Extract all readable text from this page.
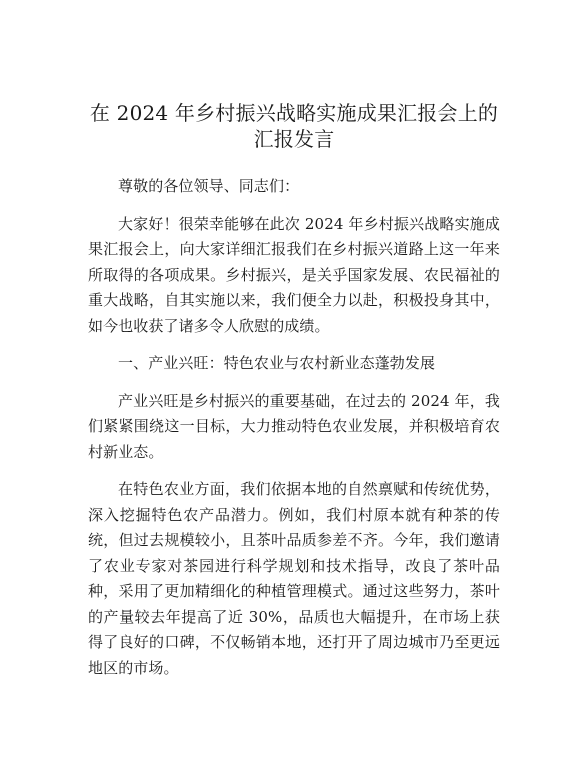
在 2024 年乡村振兴战略实施成果汇报会上的汇报发言

尊敬的各位领导、同志们：

大家好！很荣幸能够在此次 2024 年乡村振兴战略实施成果汇报会上，向大家详细汇报我们在乡村振兴道路上这一年来所取得的各项成果。乡村振兴，是关乎国家发展、农民福祉的重大战略，自其实施以来，我们便全力以赴，积极投身其中，如今也收获了诸多令人欣慰的成绩。

一、产业兴旺：特色农业与农村新业态蓬勃发展

产业兴旺是乡村振兴的重要基础，在过去的 2024 年，我们紧紧围绕这一目标，大力推动特色农业发展，并积极培育农村新业态。

在特色农业方面，我们依据本地的自然禀赋和传统优势，深入挖掘特色农产品潜力。例如，我们村原本就有种茶的传统，但过去规模较小，且茶叶品质参差不齐。今年，我们邀请了农业专家对茶园进行科学规划和技术指导，改良了茶叶品种，采用了更加精细化的种植管理模式。通过这些努力，茶叶的产量较去年提高了近 30%，品质也大幅提升，在市场上获得了良好的口碑，不仅畅销本地，还打开了周边城市乃至更远地区的市场。
